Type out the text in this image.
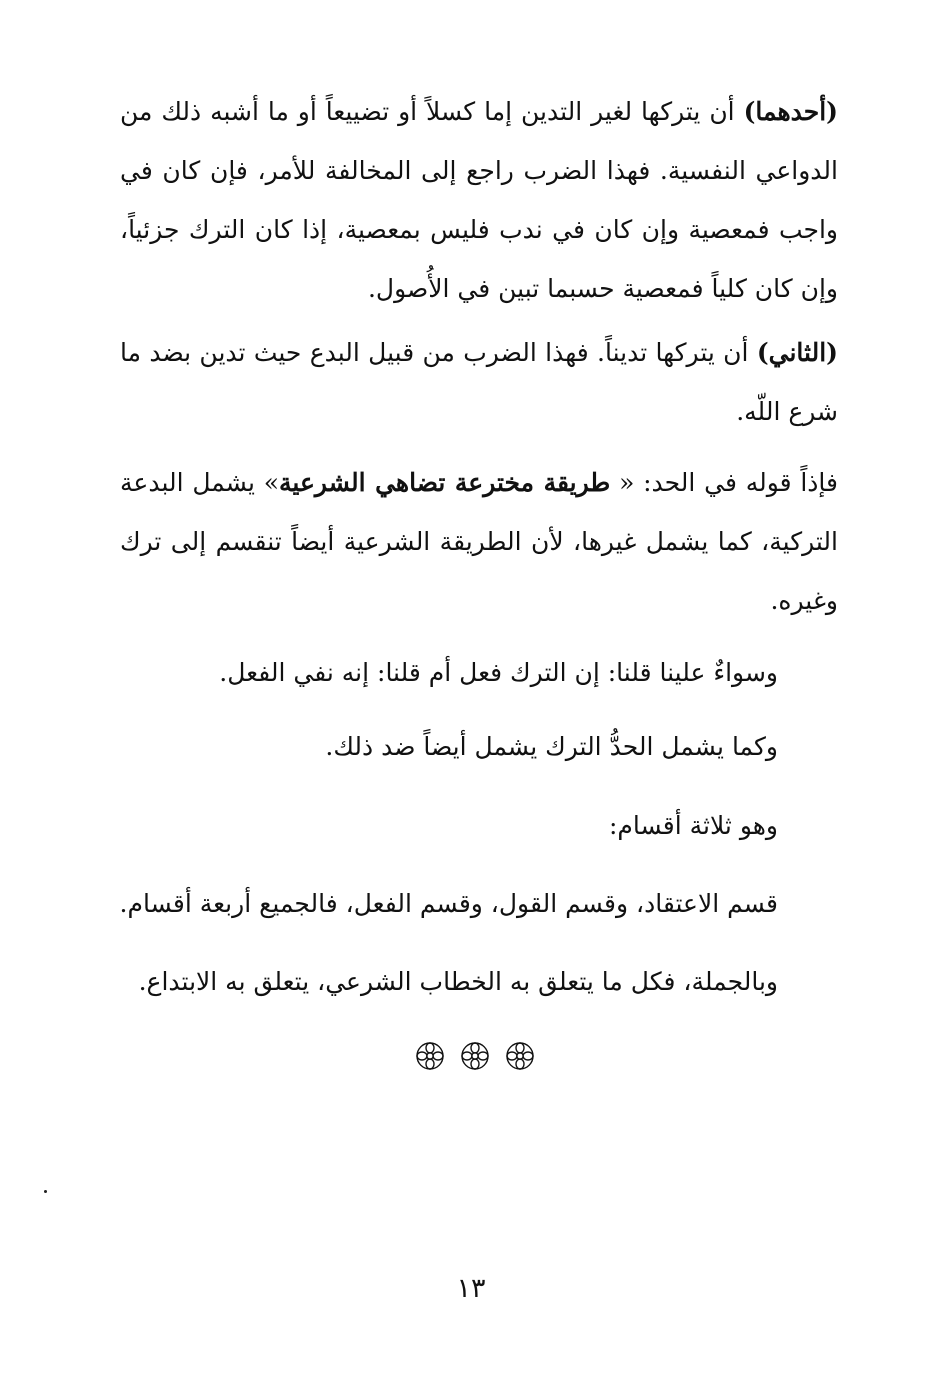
(أحدهما) أن يتركها لغير التدين إما كسلاً أو تضييعاً أو ما أشبه ذلك من الدواعي النفسية. فهذا الضرب راجع إلى المخالفة للأمر، فإن كان في واجب فمعصية وإن كان في ندب فليس بمعصية، إذا كان الترك جزئياً، وإن كان كلياً فمعصية حسبما تبين في الأُصول.
(الثاني) أن يتركها تديناً. فهذا الضرب من قبيل البدع حيث تدين بضد ما شرع اللّه.
فإذاً قوله في الحد: « طريقة مخترعة تضاهي الشرعية» يشمل البدعة التركية، كما يشمل غيرها، لأن الطريقة الشرعية أيضاً تنقسم إلى ترك وغيره.
وسواءٌ علينا قلنا: إن الترك فعل أم قلنا: إنه نفي الفعل.
وكما يشمل الحدُّ الترك يشمل أيضاً ضد ذلك.
وهو ثلاثة أقسام:
قسم الاعتقاد، وقسم القول، وقسم الفعل، فالجميع أربعة أقسام.
وبالجملة، فكل ما يتعلق به الخطاب الشرعي، يتعلق به الابتداع.
١٣
